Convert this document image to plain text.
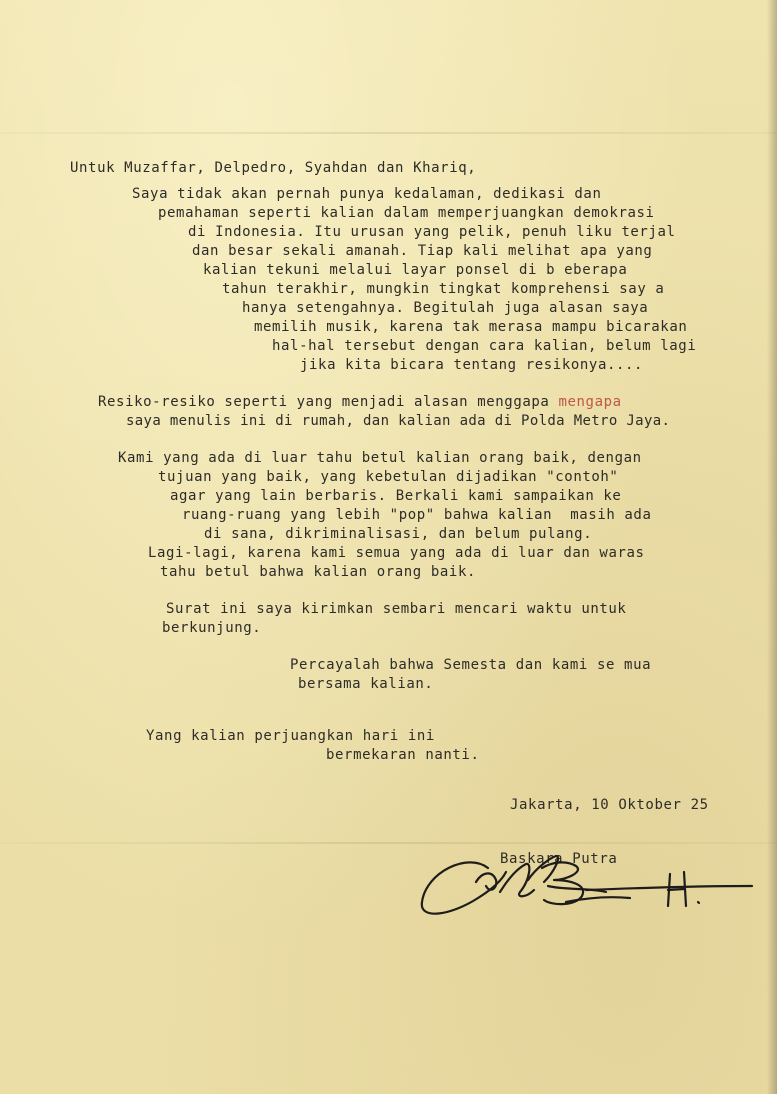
Untuk Muzaffar, Delpedro, Syahdan dan Khariq,
Saya tidak akan pernah punya kedalaman, dedikasi dan
pemahaman seperti kalian dalam memperjuangkan demokrasi
di Indonesia. Itu urusan yang pelik, penuh liku terjal
dan besar sekali amanah. Tiap kali melihat apa yang
kalian tekuni melalui layar ponsel di b eberapa
tahun terakhir, mungkin tingkat komprehensi say a
hanya setengahnya. Begitulah juga alasan saya
memilih musik, karena tak merasa mampu bicarakan
hal-hal tersebut dengan cara kalian, belum lagi
jika kita bicara tentang resikonya....
Resiko-resiko seperti yang menjadi alasan menggapa mengapa
saya menulis ini di rumah, dan kalian ada di Polda Metro Jaya.
Kami yang ada di luar tahu betul kalian orang baik, dengan
tujuan yang baik, yang kebetulan dijadikan "contoh"
agar yang lain berbaris. Berkali kami sampaikan ke
ruang-ruang yang lebih "pop" bahwa kalian  masih ada
di sana, dikriminalisasi, dan belum pulang.
Lagi-lagi, karena kami semua yang ada di luar dan waras
tahu betul bahwa kalian orang baik.
Surat ini saya kirimkan sembari mencari waktu untuk
berkunjung.
Percayalah bahwa Semesta dan kami se mua
bersama kalian.
Yang kalian perjuangkan hari ini
bermekaran nanti.
Jakarta, 10 Oktober 25
Baskara Putra
